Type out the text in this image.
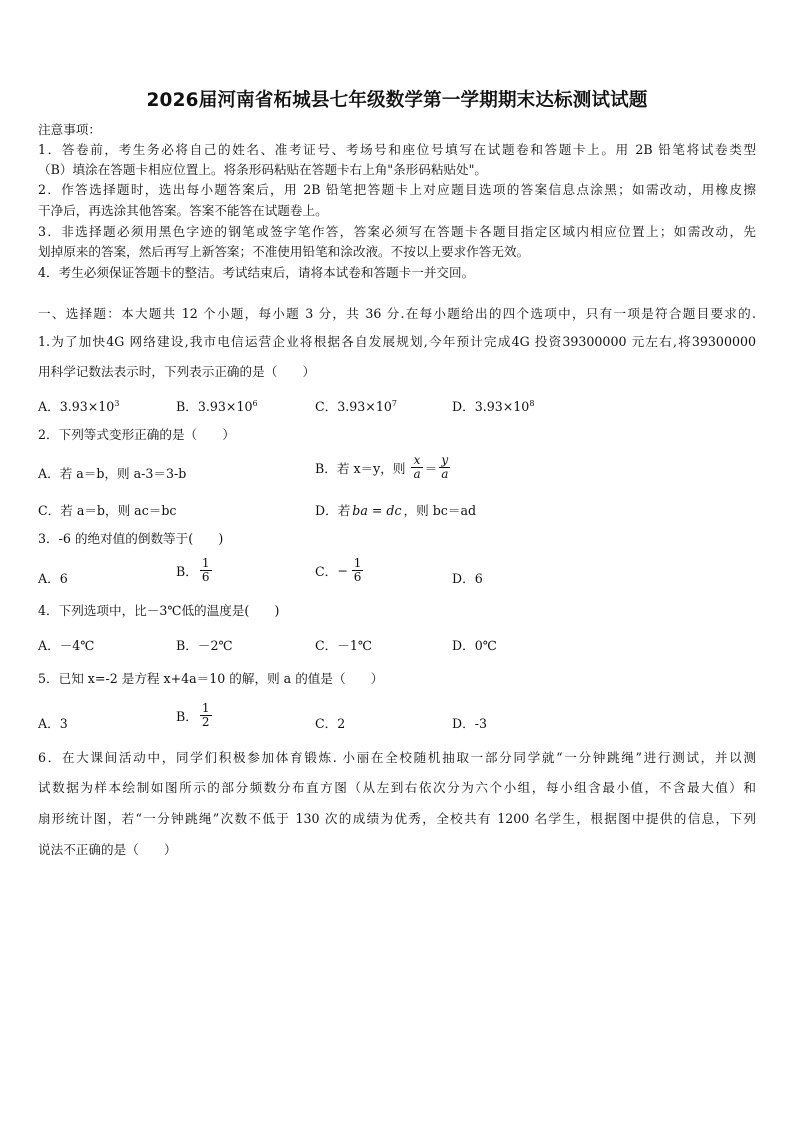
2026届河南省柘城县七年级数学第一学期期末达标测试试题
注意事项：
1．答卷前，考生务必将自己的姓名、准考证号、考场号和座位号填写在试题卷和答题卡上。用 2B 铅笔将试卷类型
（B）填涂在答题卡相应位置上。将条形码粘贴在答题卡右上角"条形码粘贴处"。
2．作答选择题时，选出每小题答案后，用 2B 铅笔把答题卡上对应题目选项的答案信息点涂黑；如需改动，用橡皮擦
干净后，再选涂其他答案。答案不能答在试题卷上。
3．非选择题必须用黑色字迹的钢笔或签字笔作答，答案必须写在答题卡各题目指定区域内相应位置上；如需改动，先
划掉原来的答案，然后再写上新答案；不准使用铅笔和涂改液。不按以上要求作答无效。
4．考生必须保证答题卡的整洁。考试结束后，请将本试卷和答题卡一并交回。
一、选择题：本大题共 12 个小题，每小题 3 分，共 36 分.在每小题给出的四个选项中，只有一项是符合题目要求的.
1.为了加快4G 网络建设,我市电信运营企业将根据各自发展规划,今年预计完成4G 投资39300000 元左右,将39300000
用科学记数法表示时，下列表示正确的是（　　）
A．$3.93\times 10^3$	B．$3.93\times 10^6$	C．$3.93\times 10^7$	D．$3.93\times 10^8$
2．下列等式变形正确的是（　　）
A．若 a＝b，则 a-3＝3-b	B．若 x＝y，则 $\frac{x}{a} = \frac{y}{a}$
C．若 a＝b，则 ac＝bc	D．若 ba = dc ，则 bc＝ad
3．-6 的绝对值的倒数等于(　　)
A．6	B． $\frac{1}{6}$	C．− $\frac{1}{6}$	D．6
4．下列选项中，比－3℃低的温度是(　　)
A．－4℃	B．－2℃	C．－1℃	D．0℃
5．已知 x=-2 是方程 x+4a＝10 的解，则 a 的值是（　　）
A．3	B． $\frac{1}{2}$	C．2	D．-3
6．在大课间活动中，同学们积极参加体育锻炼. 小丽在全校随机抽取一部分同学就“一分钟跳绳”进行测试，并以测
试数据为样本绘制如图所示的部分频数分布直方图（从左到右依次分为六个小组，每小组含最小值，不含最大值）和
扇形统计图，若“一分钟跳绳”次数不低于 130 次的成绩为优秀，全校共有 1200 名学生，根据图中提供的信息，下列
说法不正确的是（　　）
